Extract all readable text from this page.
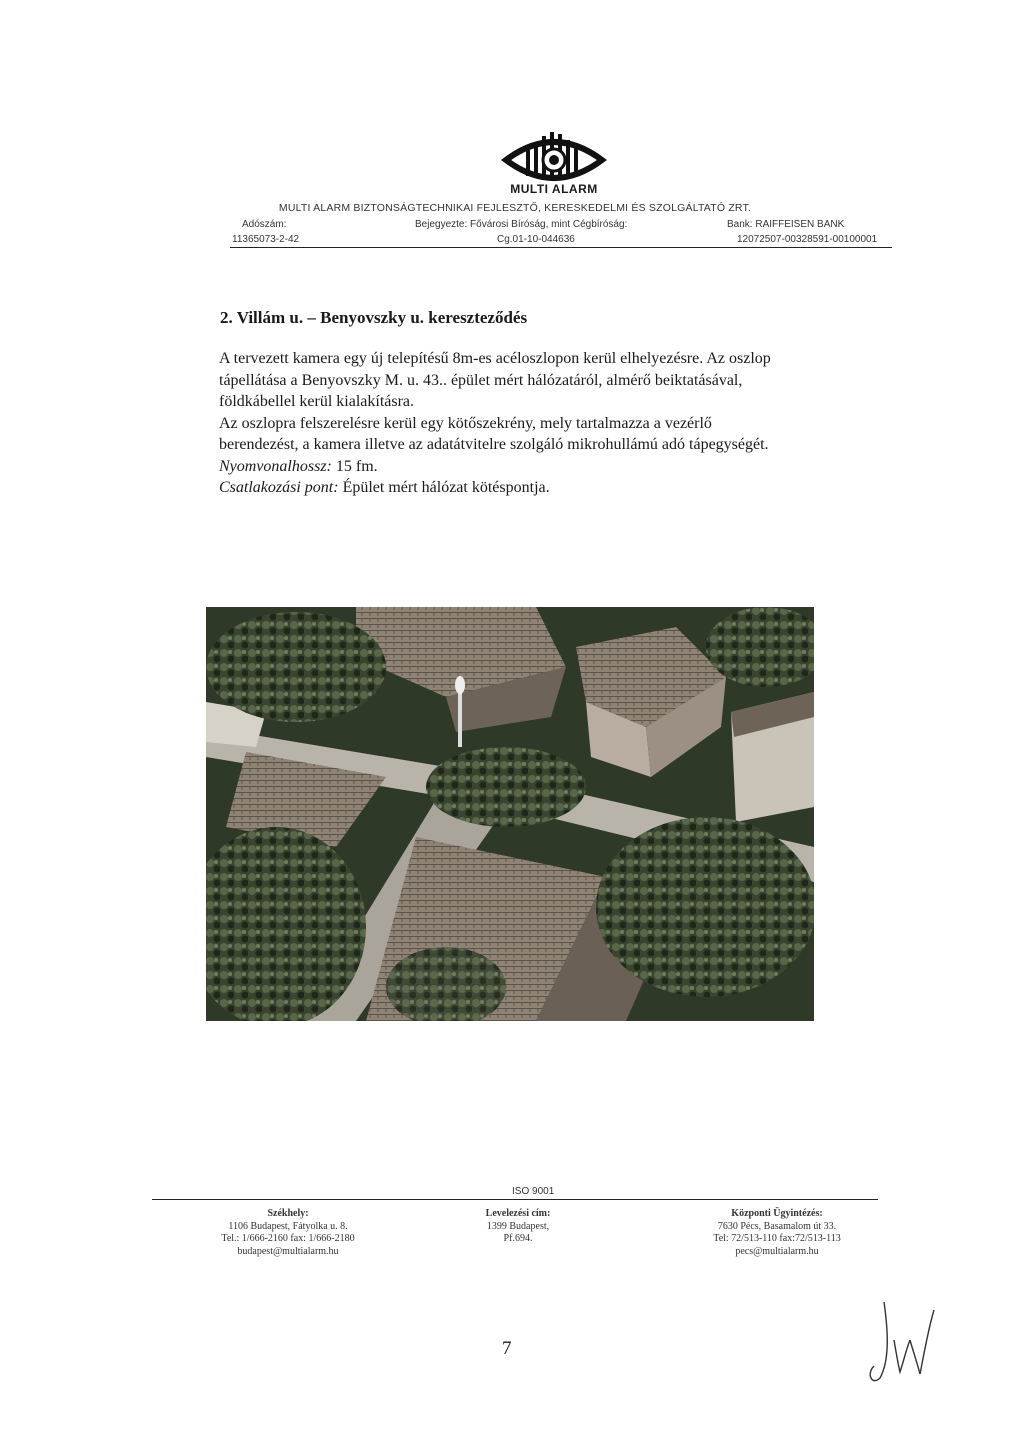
MULTI ALARM
MULTI ALARM BIZTONSÁGTECHNIKAI FEJLESZTŐ, KERESKEDELMI ÉS SZOLGÁLTATÓ ZRT.
Adószám:	Bejegyezte: Fővárosi Bíróság, mint Cégbíróság:	Bank: RAIFFEISEN BANK
11365073-2-42	Cg.01-10-044636	12072507-00328591-00100001
2. Villám u. – Benyovszky u. kereszteződés

A tervezett kamera egy új telepítésű 8m-es acéloszlopon kerül elhelyezésre. Az oszlop

tápellátása a Benyovszky M. u. 43.. épület mért hálózatáról, almérő beiktatásával,

földkábellel kerül kialakításra.

Az oszlopra felszerelésre kerül egy kötőszekrény, mely tartalmazza a vezérlő

berendezést, a kamera illetve az adatátvitelre szolgáló mikrohullámú adó tápegységét.

Nyomvonalhossz: 15 fm.

Csatlakozási pont: Épület mért hálózat kötéspontja.

ISO 9001
Székhely:
1106 Budapest, Fátyolka u. 8.
Tel.: 1/666-2160 fax: 1/666-2180
budapest@multialarm.hu
Levelezési cím:
1399 Budapest,
Pf.694.
Központi Ügyintézés:
7630 Pécs, Basamalom út 33.
Tel: 72/513-110 fax:72/513-113
pecs@multialarm.hu
7
